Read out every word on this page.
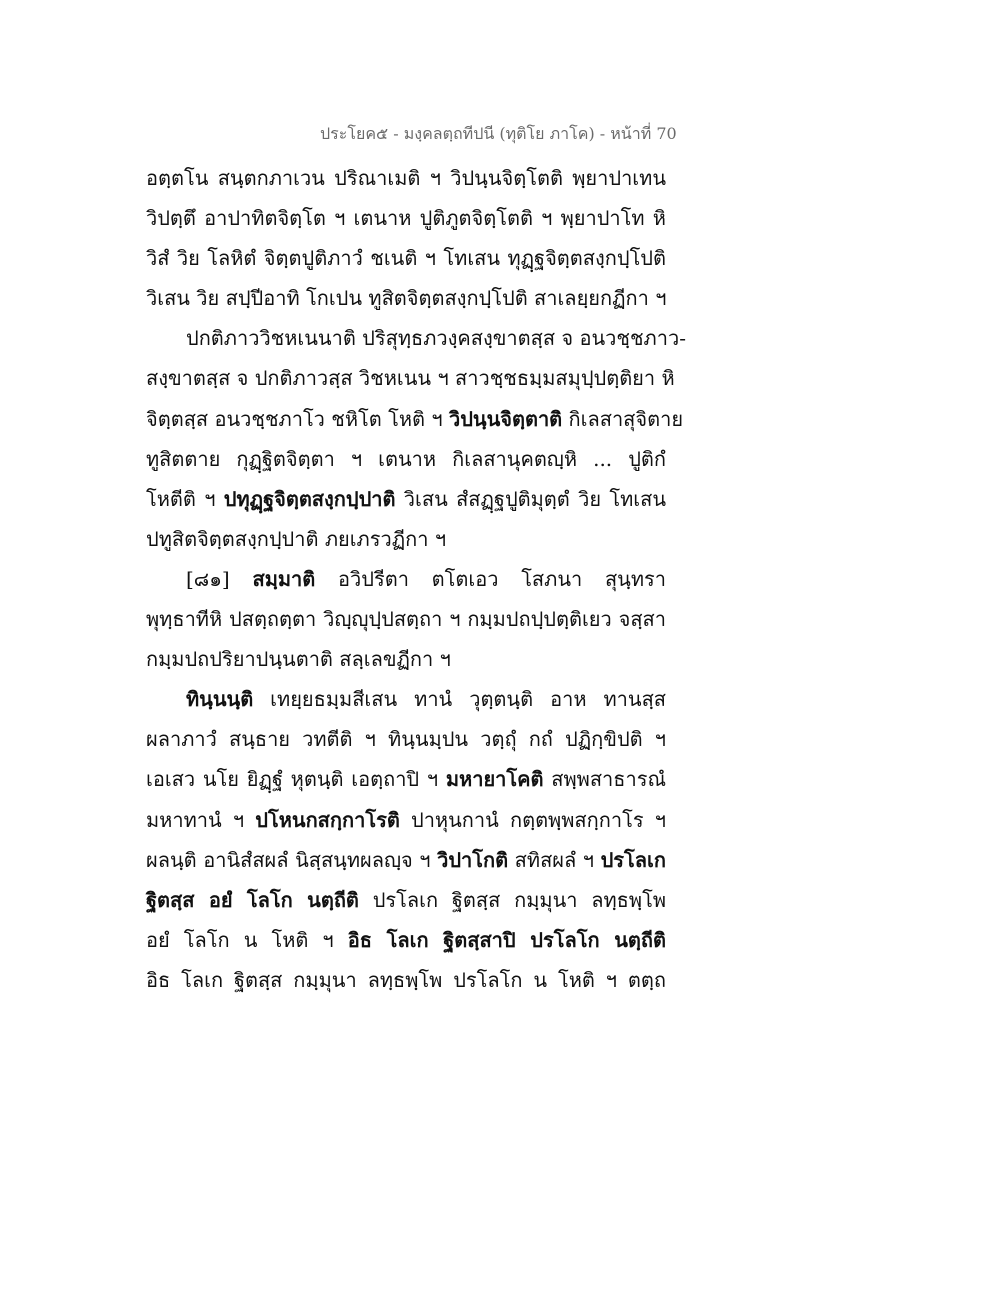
ประโยค๕ - มงฺคลตฺถทีปนี (ทุติโย ภาโค) - หน้าที่ 70
อตฺตโน สนฺตกภาเวน ปริณาเมติ ฯ วิปนฺนจิตฺโตติ พฺยาปาเทน
วิปตฺตึ อาปาทิตจิตฺโต ฯ เตนาห ปูติภูตจิตฺโตติ ฯ พฺยาปาโท หิ
วิสํ วิย โลหิตํ จิตฺตปูติภาวํ ชเนติ ฯ โทเสน ทุฏฺฐจิตฺตสงฺกปฺโปติ
วิเสน วิย สปฺปีอาทิ โกเปน ทูสิตจิตฺตสงฺกปฺโปติ สาเลยฺยกฏีกา ฯ
ปกติภาววิชหเนนาติ ปริสุทฺธภวงฺคสงฺขาตสฺส จ อนวชฺชภาว-
สงฺขาตสฺส จ ปกติภาวสฺส วิชหเนน ฯ สาวชฺชธมฺมสมุปฺปตฺติยา หิ
จิตฺตสฺส อนวชฺชภาโว ชหิโต โหติ ฯ วิปนฺนจิตฺตาติ กิเลสาสุจิตาย
ทูสิตตาย กุฏฺฐิตจิตฺตา ฯ เตนาห กิเลสานุคตญฺหิ ... ปูติกํ
โหตีติ ฯ ปทุฏฺฐจิตฺตสงฺกปฺปาติ วิเสน สํสฏฺฐปูติมุตฺตํ วิย โทเสน
ปทูสิตจิตฺตสงฺกปฺปาติ ภยเภรวฏีกา ฯ
[๘๑] สมฺมาติ อวิปรีตา ตโตเอว โสภนา สุนฺทรา
พุทฺธาทีหิ ปสตฺถตฺตา วิญฺญุปฺปสตฺถา ฯ กมฺมปถปฺปตฺติเยว จสฺสา
กมฺมปถปริยาปนฺนตาติ สลฺเลขฏีกา ฯ
ทินฺนนฺติ เทยฺยธมฺมสีเสน ทานํ วุตฺตนฺติ อาห ทานสฺส
ผลาภาวํ สนฺธาย วทตีติ ฯ ทินฺนมฺปน วตฺถุํ กถํ ปฏิกฺขิปติ ฯ
เอเสว นโย ยิฏฺฐํ หุตนฺติ เอตฺถาปิ ฯ มหายาโคติ สพฺพสาธารณํ
มหาทานํ ฯ ปโหนกสกฺกาโรติ ปาหุนกานํ กตฺตพฺพสกฺกาโร ฯ
ผลนฺติ อานิสํสผลํ นิสฺสนฺทผลญฺจ ฯ วิปาโกติ สทิสผลํ ฯ ปรโลเก
ฐิตสฺส อยํ โลโก นตฺถีติ ปรโลเก ฐิตสฺส กมฺมุนา ลทฺธพฺโพ
อยํ โลโก น โหติ ฯ อิธ โลเก ฐิตสฺสาปิ ปรโลโก นตฺถีติ
อิธ โลเก ฐิตสฺส กมฺมุนา ลทฺธพฺโพ ปรโลโก น โหติ ฯ ตตฺถ
